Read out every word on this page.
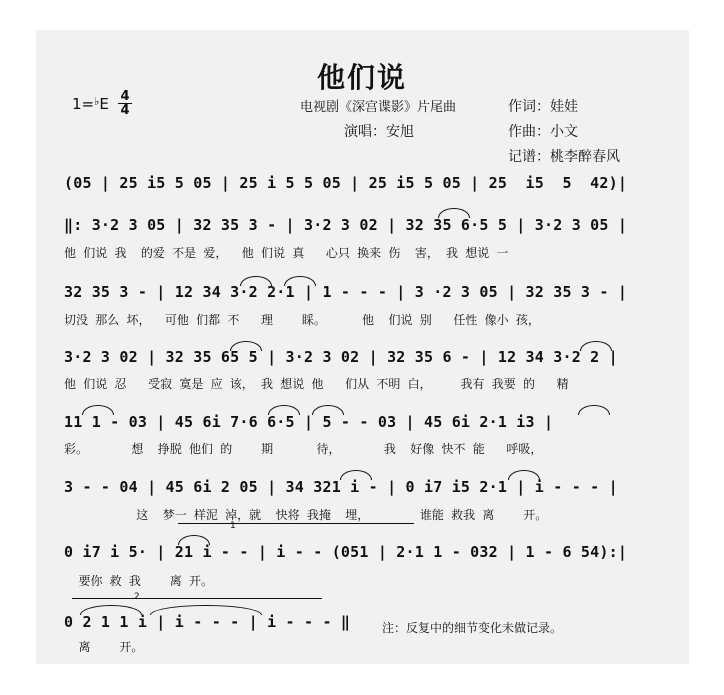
他们说
1=♭E 4
4	电视剧《深宫谍影》片尾曲
演唱：安旭
作词：娃娃
作曲：小文
记谱：桃李醉春风
(05 | 25 i5 5 05 | 25 i 5 5 05 | 25 i5 5 05 | 25  i5  5  42)|
‖: 3·2 3 05 | 32 35 3 - | 3·2 3 02 | 32 35 6·5 5 | 3·2 3 05 |
他 们说 我  的爱 不是 爱，  他 们说 真   心只 换来 伤  害， 我 想说 一
32 35 3 - | 12 34 3·2 2·1 | 1 - - - | 3 ·2 3 05 | 32 35 3 - |
切没 那么 坏，  可他 们都 不   理    睬。     他  们说 别   任性 像小 孩，
3·2 3 02 | 32 35 65 5 | 3·2 3 02 | 32 35 6 - | 12 34 3·2 2 |
他 们说 忍   受寂 寞是 应 该， 我 想说 他   们从 不明 白，    我有 我要 的   精
11 1 - 03 | 45 6i 7·6 6·5 | 5 - - 03 | 45 6i 2·1 i3 |
彩。      想  挣脱 他们 的    期      待，      我  好像 快不 能   呼吸，
3 - - 04 | 45 6i 2 05 | 34 321 i - | 0 i7 i5 2·1 | i - - - |
这  梦一 样泥 淖，就  快将 我掩  埋，       谁能 救我 离    开。
1
0 i7 i 5· | 21 i - - | i - - (051 | 2·1 1 - 032 | 1 - 6 54):|
要你 救 我    离 开。
2
0 2 1 1 i | i - - - | i - - - ‖
离    开。
注：反复中的细节变化未做记录。
